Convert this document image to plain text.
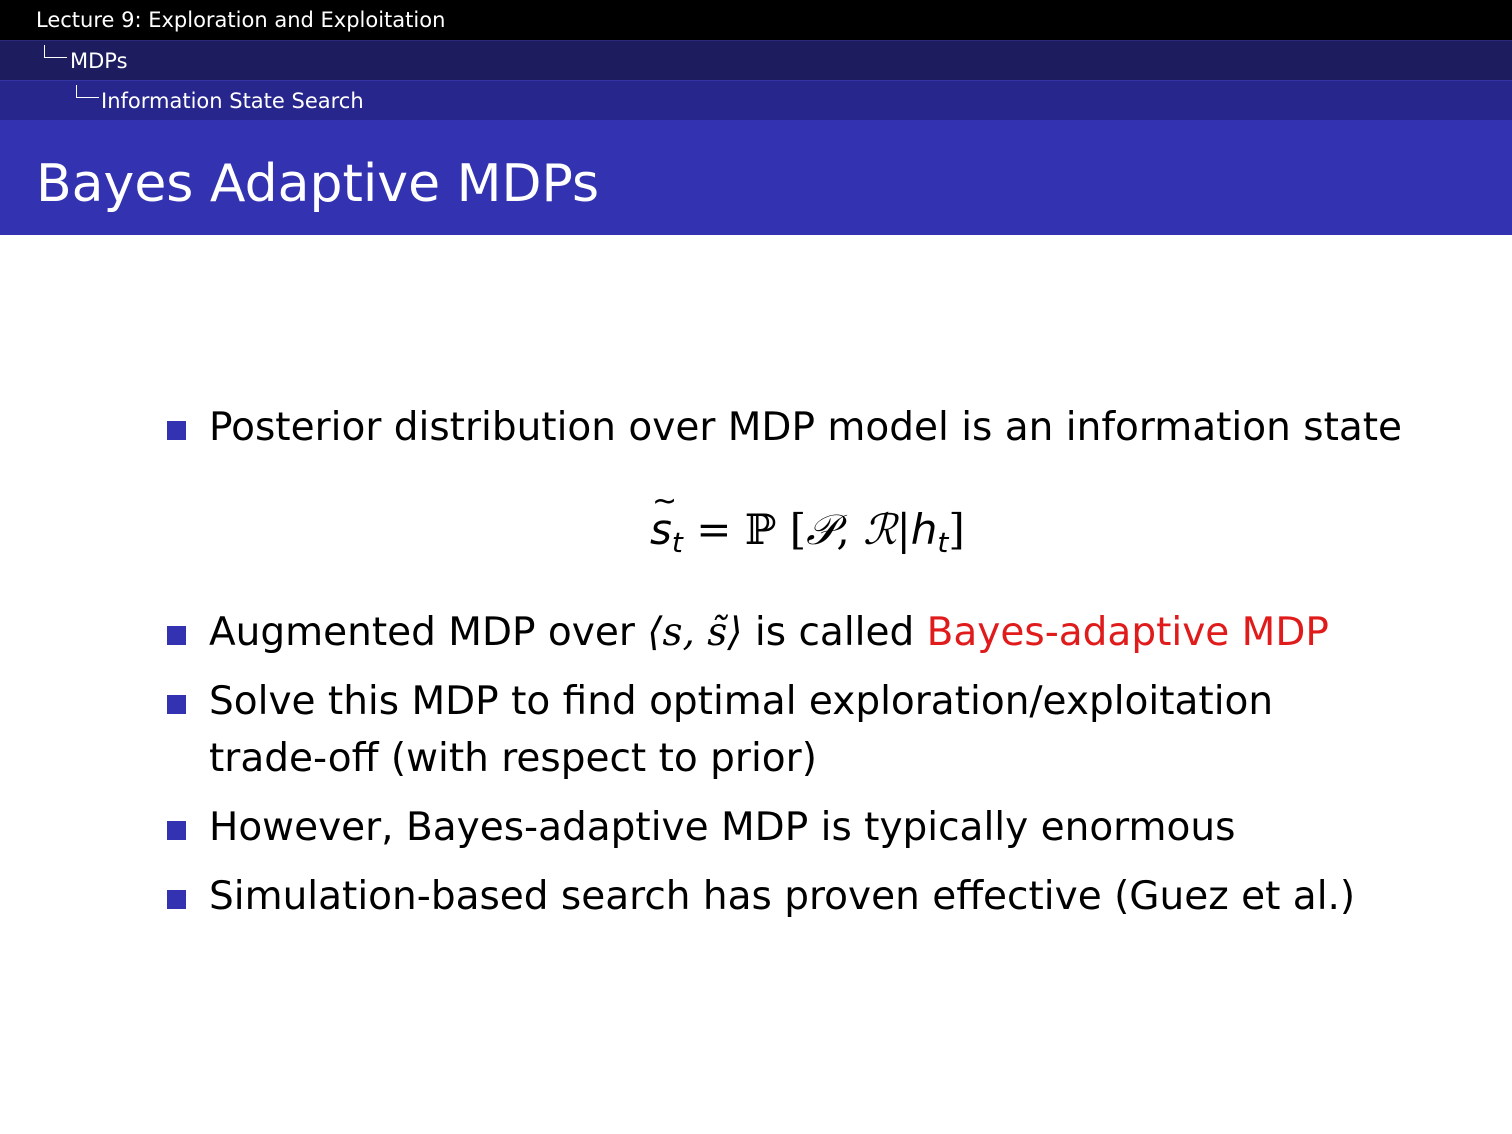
Lecture 9: Exploration and Exploitation
MDPs
Information State Search
Bayes Adaptive MDPs
Posterior distribution over MDP model is an information state
s $\sim_t$ = ℙ [𝒫, $ℛ|h_t$]
Augmented MDP over ⟨s, s̃⟩ is called Bayes-adaptive MDP
Solve this MDP to find optimal exploration/exploitation
trade-off (with respect to prior)
However, Bayes-adaptive MDP is typically enormous
Simulation-based search has proven effective (Guez et al.)
